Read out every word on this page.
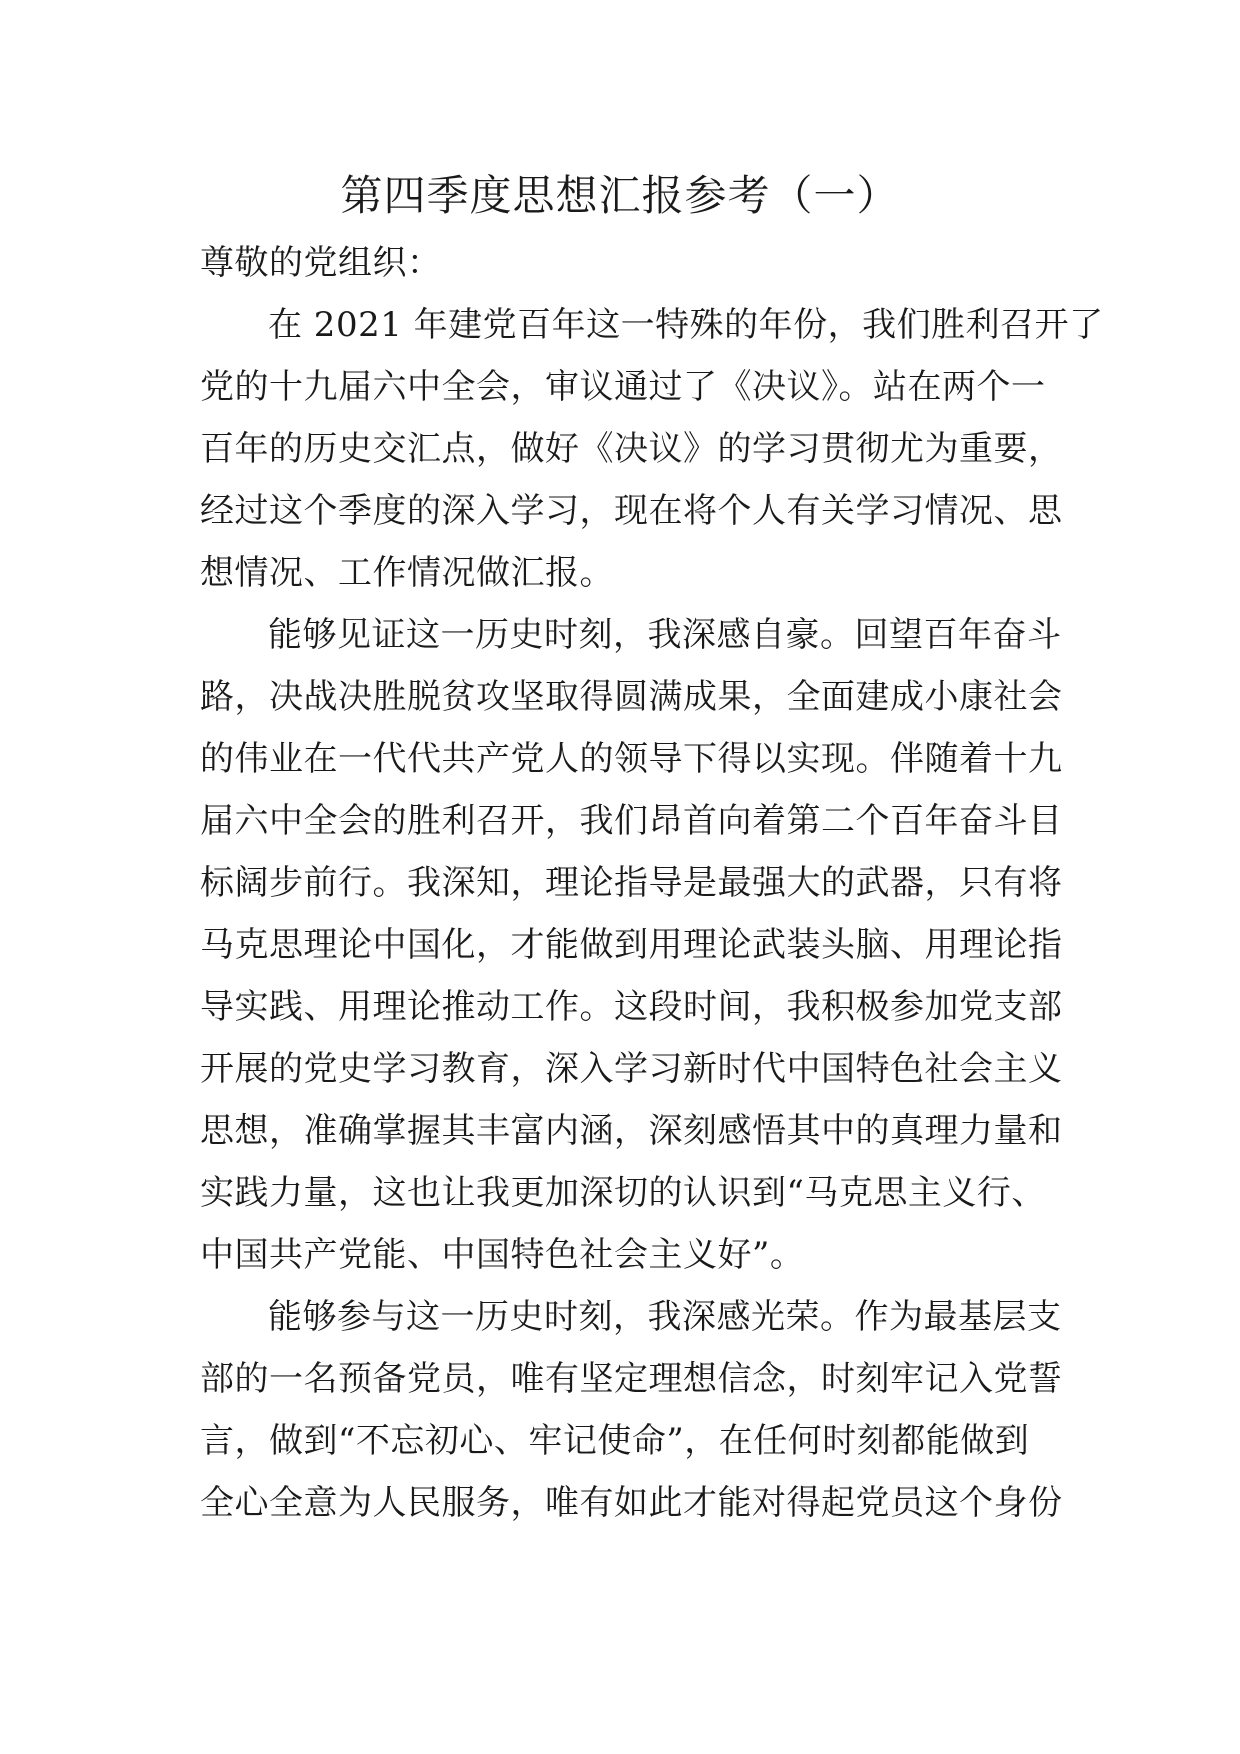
第四季度思想汇报参考（一）
尊敬的党组织：
在 2021 年建党百年这一特殊的年份，我们胜利召开了
党的十九届六中全会，审议通过了《决议》。站在两个一
百年的历史交汇点，做好《决议》的学习贯彻尤为重要，
经过这个季度的深入学习，现在将个人有关学习情况、思
想情况、工作情况做汇报。
能够见证这一历史时刻，我深感自豪。回望百年奋斗
路，决战决胜脱贫攻坚取得圆满成果，全面建成小康社会
的伟业在一代代共产党人的领导下得以实现。伴随着十九
届六中全会的胜利召开，我们昂首向着第二个百年奋斗目
标阔步前行。我深知，理论指导是最强大的武器，只有将
马克思理论中国化，才能做到用理论武装头脑、用理论指
导实践、用理论推动工作。这段时间，我积极参加党支部
开展的党史学习教育，深入学习新时代中国特色社会主义
思想，准确掌握其丰富内涵，深刻感悟其中的真理力量和
实践力量，这也让我更加深切的认识到“马克思主义行、
中国共产党能、中国特色社会主义好”。
能够参与这一历史时刻，我深感光荣。作为最基层支
部的一名预备党员，唯有坚定理想信念，时刻牢记入党誓
言，做到“不忘初心、牢记使命”，在任何时刻都能做到
全心全意为人民服务，唯有如此才能对得起党员这个身份
